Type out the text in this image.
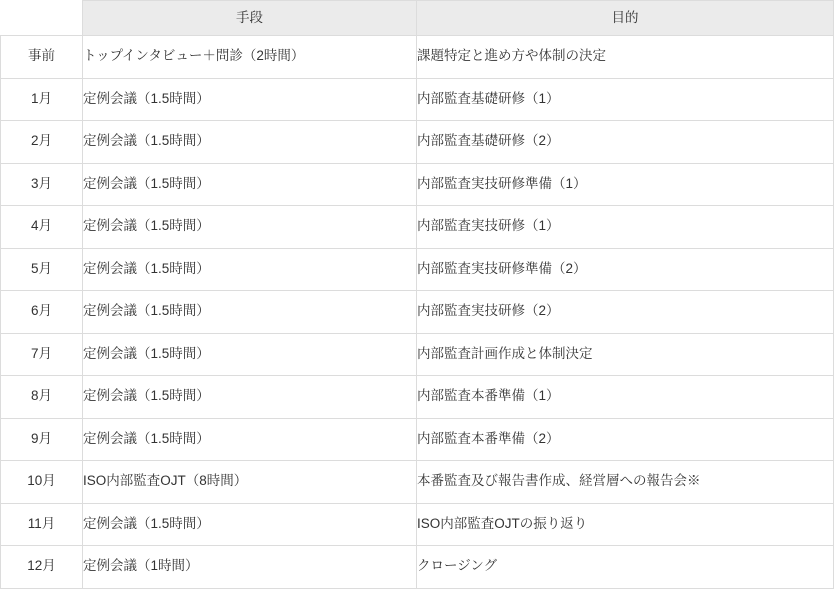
	手段	目的
事前	トップインタビュー＋問診（2時間）	課題特定と進め方や体制の決定
1月	定例会議（1.5時間）	内部監査基礎研修（1）
2月	定例会議（1.5時間）	内部監査基礎研修（2）
3月	定例会議（1.5時間）	内部監査実技研修準備（1）
4月	定例会議（1.5時間）	内部監査実技研修（1）
5月	定例会議（1.5時間）	内部監査実技研修準備（2）
6月	定例会議（1.5時間）	内部監査実技研修（2）
7月	定例会議（1.5時間）	内部監査計画作成と体制決定
8月	定例会議（1.5時間）	内部監査本番準備（1）
9月	定例会議（1.5時間）	内部監査本番準備（2）
10月	ISO内部監査OJT（8時間）	本番監査及び報告書作成、経営層への報告会※
11月	定例会議（1.5時間）	ISO内部監査OJTの振り返り
12月	定例会議（1時間）	クロージング
